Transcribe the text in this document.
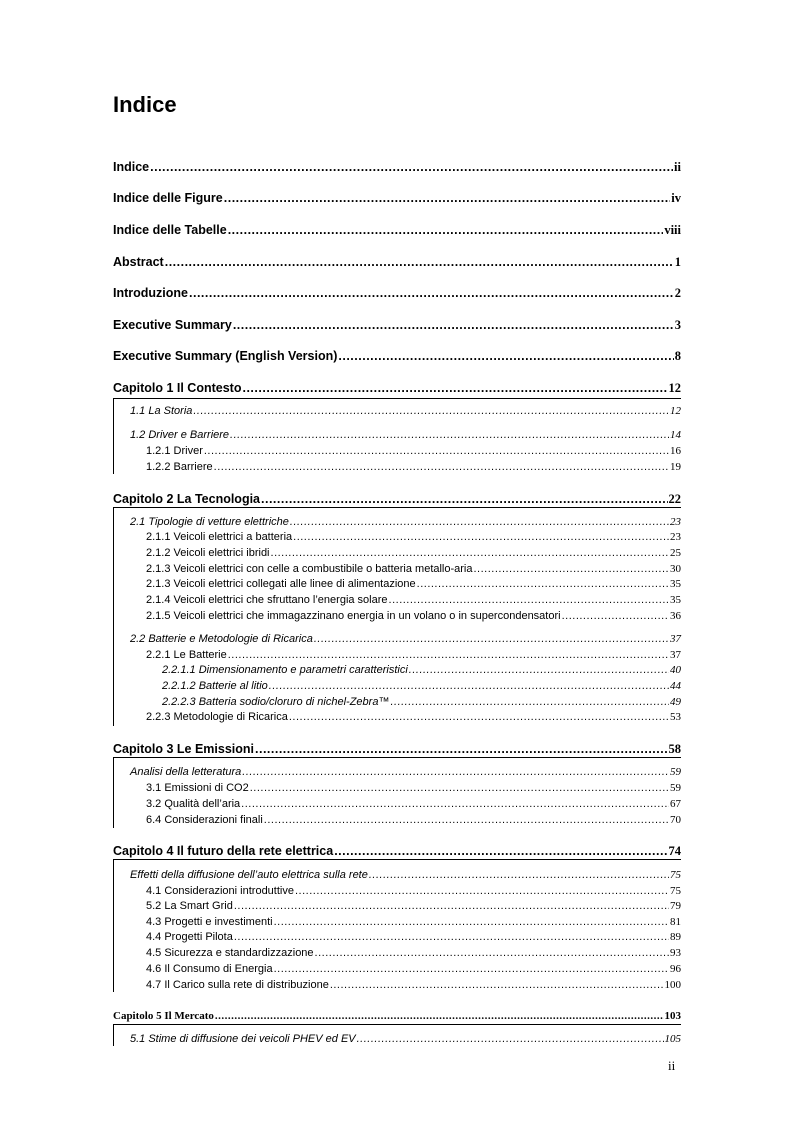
Indice
Indice .....	ii
Indice delle Figure .....	iv
Indice delle Tabelle .....	viii
Abstract .....	1
Introduzione .....	2
Executive Summary .....	3
Executive Summary (English Version) .....	8
Capitolo 1 Il Contesto .....	12
1.1 La Storia .....	12
1.2 Driver e Barriere .....	14
1.2.1 Driver .....	16
1.2.2 Barriere .....	19
Capitolo 2 La Tecnologia .....	22
2.1 Tipologie di vetture elettriche .....	23
2.1.1 Veicoli elettrici a batteria .....	23
2.1.2 Veicoli elettrici ibridi .....	25
2.1.3 Veicoli elettrici con celle a combustibile o batteria metallo-aria .....	30
2.1.3 Veicoli elettrici collegati alle linee di alimentazione .....	35
2.1.4 Veicoli elettrici che sfruttano l’energia solare .....	35
2.1.5 Veicoli elettrici che immagazzinano energia in un volano o in supercondensatori .....	36
2.2 Batterie e Metodologie di Ricarica .....	37
2.2.1 Le Batterie .....	37
2.2.1.1 Dimensionamento e parametri caratteristici .....	40
2.2.1.2 Batterie al litio .....	44
2.2.2.3 Batteria sodio/cloruro di nichel-Zebra™ .....	49
2.2.3 Metodologie di Ricarica .....	53
Capitolo 3 Le Emissioni .....	58
Analisi della letteratura .....	59
3.1 Emissioni di CO2 .....	59
3.2 Qualità dell’aria .....	67
6.4 Considerazioni finali .....	70
Capitolo 4 Il futuro della rete elettrica .....	74
Effetti della diffusione dell’auto elettrica sulla rete .....	75
4.1 Considerazioni introduttive .....	75
5.2 La Smart Grid .....	79
4.3 Progetti e investimenti .....	81
4.4 Progetti Pilota .....	89
4.5 Sicurezza e standardizzazione .....	93
4.6 Il Consumo di Energia .....	96
4.7 Il Carico sulla rete di distribuzione .....	100
Capitolo 5 Il Mercato .....	103
5.1 Stime di diffusione dei veicoli PHEV ed EV .....	105
ii
